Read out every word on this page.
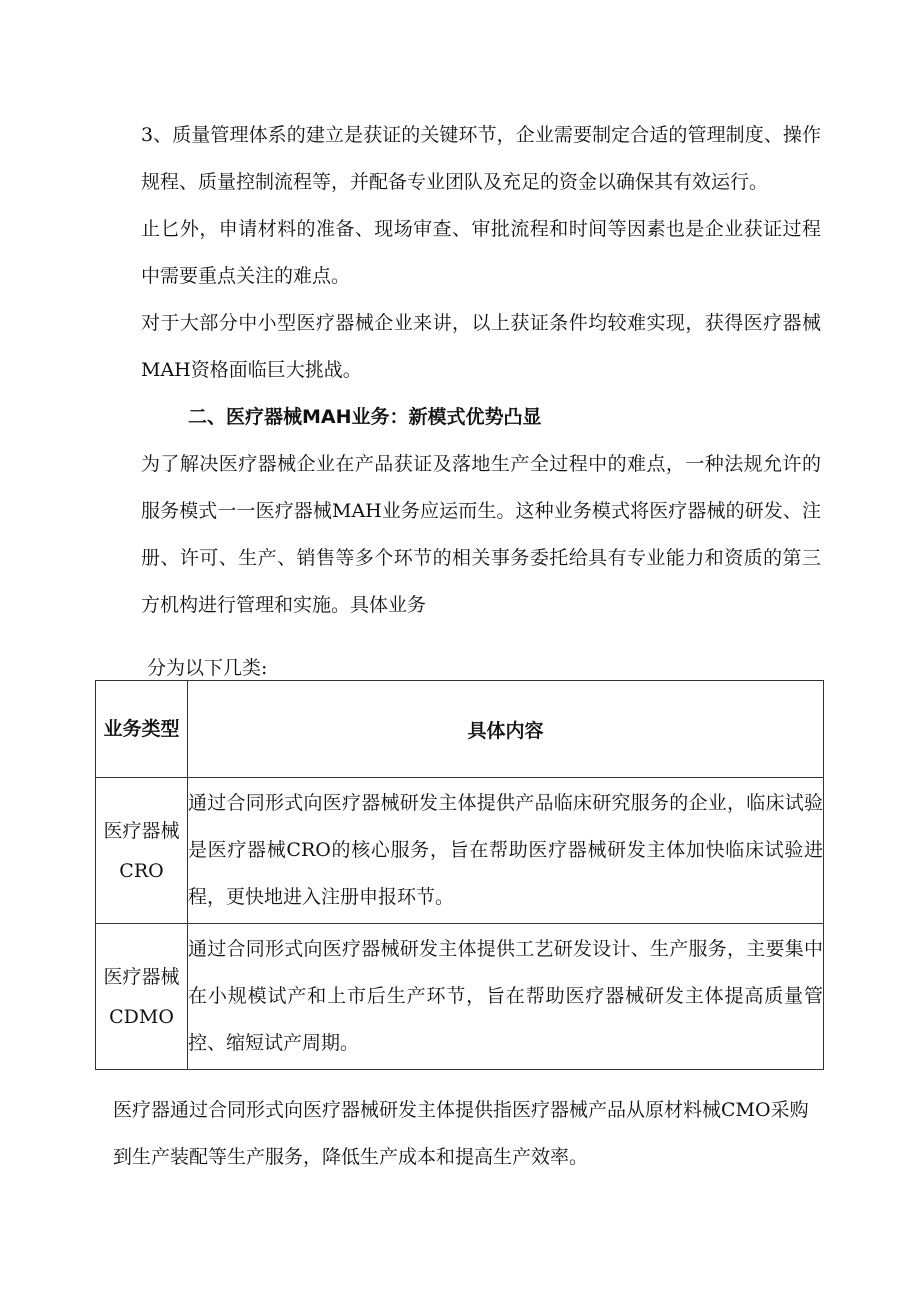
3、质量管理体系的建立是获证的关键环节，企业需要制定合适的管理制度、操作规程、质量控制流程等，并配备专业团队及充足的资金以确保其有效运行。

止匕外，申请材料的准备、现场审查、审批流程和时间等因素也是企业获证过程中需要重点关注的难点。

对于大部分中小型医疗器械企业来讲，以上获证条件均较难实现，获得医疗器械MAH资格面临巨大挑战。

二、医疗器械MAH业务：新模式优势凸显

为了解决医疗器械企业在产品获证及落地生产全过程中的难点，一种法规允许的服务模式一一医疗器械MAH业务应运而生。这种业务模式将医疗器械的研发、注册、许可、生产、销售等多个环节的相关事务委托给具有专业能力和资质的第三方机构进行管理和实施。具体业务

分为以下几类:

业务类型	具体内容
医疗器械CRO	通过合同形式向医疗器械研发主体提供产品临床研究服务的企业，临床试验是医疗器械CRO的核心服务，旨在帮助医疗器械研发主体加快临床试验进程，更快地进入注册申报环节。
医疗器械CDMO	通过合同形式向医疗器械研发主体提供工艺研发设计、生产服务，主要集中在小规模试产和上市后生产环节，旨在帮助医疗器械研发主体提高质量管控、缩短试产周期。

医疗器通过合同形式向医疗器械研发主体提供指医疗器械产品从原材料械CMO采购到生产装配等生产服务，降低生产成本和提高生产效率。
